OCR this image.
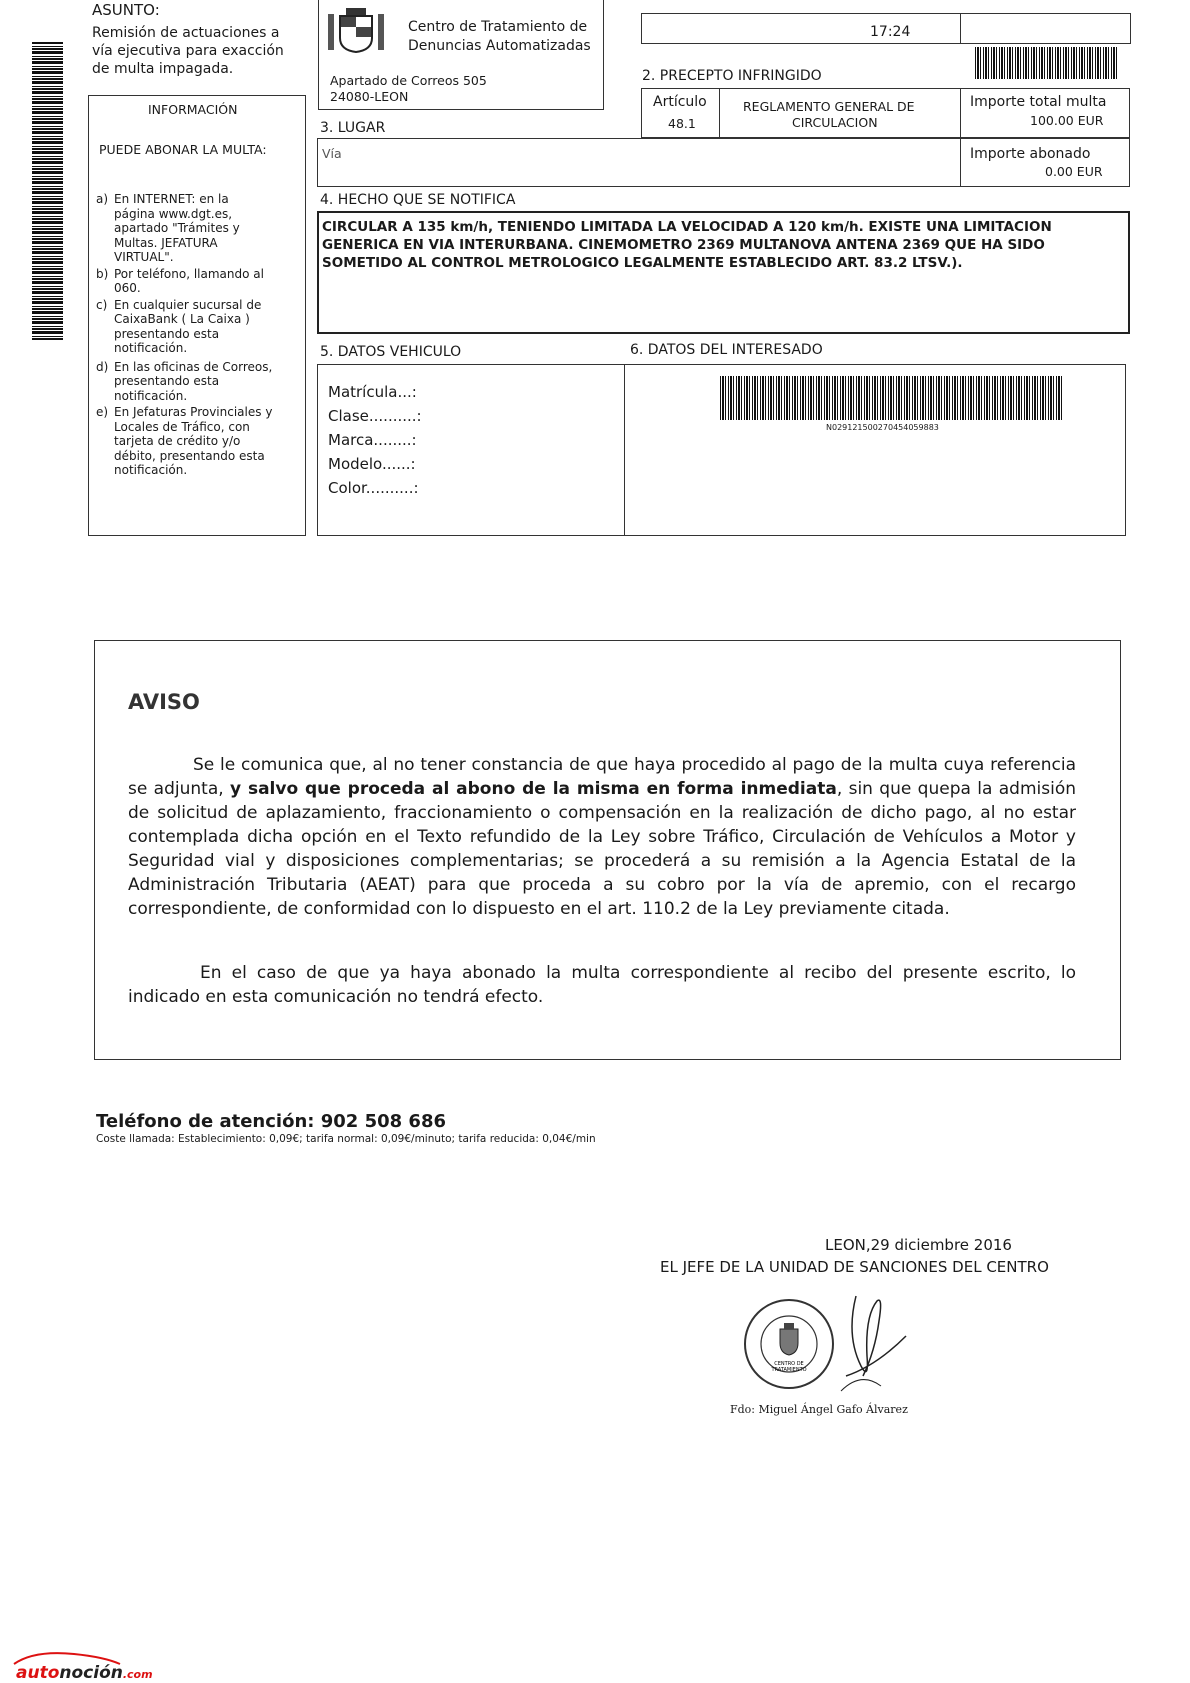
ASUNTO:
Remisión de actuaciones a
vía ejecutiva para exacción
de multa impagada.
Centro de Tratamiento de
Denuncias Automatizadas
Apartado de Correos 505
24080-LEON
17:24
INFORMACIÓN
PUEDE ABONAR LA MULTA:
a) En INTERNET: en la
página www.dgt.es,
apartado "Trámites y
Multas. JEFATURA
VIRTUAL".
b) Por teléfono, llamando al
060.
c) En cualquier sucursal de
CaixaBank ( La Caixa )
presentando esta
notificación.
d) En las oficinas de Correos,
presentando esta
notificación.
e) En Jefaturas Provinciales y
Locales de Tráfico, con
tarjeta de crédito y/o
débito, presentando esta
notificación.
2. PRECEPTO INFRINGIDO
Artículo
48.1
REGLAMENTO GENERAL DE
CIRCULACION
Importe total multa
100.00 EUR
3. LUGAR
Vía	Importe abonado
0.00 EUR
4. HECHO QUE SE NOTIFICA
CIRCULAR A 135 km/h, TENIENDO LIMITADA LA VELOCIDAD A 120 km/h. EXISTE UNA LIMITACION
GENERICA EN VIA INTERURBANA. CINEMOMETRO 2369 MULTANOVA ANTENA 2369 QUE HA SIDO
SOMETIDO AL CONTROL METROLOGICO LEGALMENTE ESTABLECIDO ART. 83.2 LTSV.).
5. DATOS VEHICULO	6. DATOS DEL INTERESADO
Matrícula...:
Clase..........:
Marca........:
Modelo......:
Color..........:
N029121500270454059883
AVISO
Se le comunica que, al no tener constancia de que haya procedido al pago de la multa cuya referencia se adjunta, y salvo que proceda al abono de la misma en forma inmediata, sin que quepa la admisión de solicitud de aplazamiento, fraccionamiento o compensación en la realización de dicho pago, al no estar contemplada dicha opción en el Texto refundido de la Ley sobre Tráfico, Circulación de Vehículos a Motor y Seguridad vial y disposiciones complementarias; se procederá a su remisión a la Agencia Estatal de la Administración Tributaria (AEAT) para que proceda a su cobro por la vía de apremio, con el recargo correspondiente, de conformidad con lo dispuesto en el art. 110.2 de la Ley previamente citada.
En el caso de que ya haya abonado la multa correspondiente al recibo del presente escrito, lo indicado en esta comunicación no tendrá efecto.
Teléfono de atención: 902 508 686
Coste llamada: Establecimiento: 0,09€; tarifa normal: 0,09€/minuto; tarifa reducida: 0,04€/min
LEON,29 diciembre 2016
EL JEFE DE LA UNIDAD DE SANCIONES DEL CENTRO
CENTRO DE
TRATAMIENTO
Fdo: Miguel Ángel Gafo Álvarez
autonoción.com
